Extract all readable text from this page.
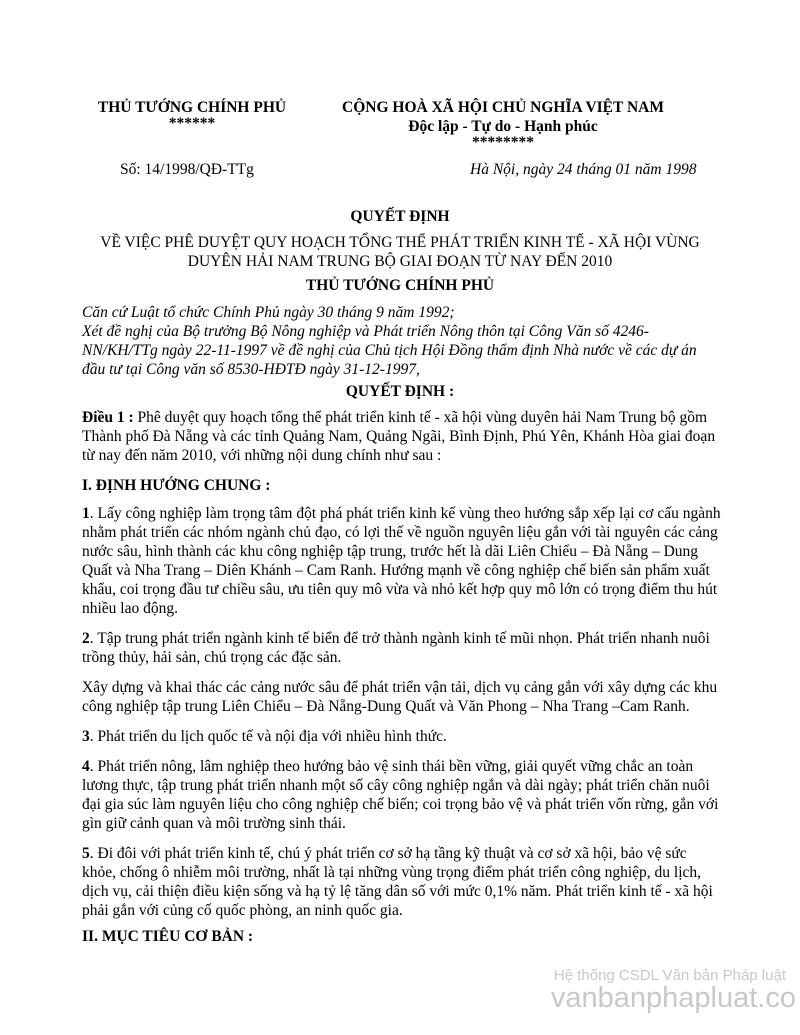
THỦ TƯỚNG CHÍNH PHỦ
******
CỘNG HOÀ XÃ HỘI CHỦ NGHĨA VIỆT NAM
Độc lập - Tự do - Hạnh phúc
********
Số: 14/1998/QĐ-TTg	Hà Nội, ngày 24 tháng 01 năm 1998
QUYẾT ĐỊNH
VỀ VIỆC PHÊ DUYỆT QUY HOẠCH TỔNG THỂ PHÁT TRIỂN KINH TẾ - XÃ HỘI VÙNG
DUYÊN HẢI NAM TRUNG BỘ GIAI ĐOẠN TỪ NAY ĐẾN 2010
THỦ TƯỚNG CHÍNH PHỦ
Căn cứ Luật tổ chức Chính Phủ ngày 30 tháng 9 năm 1992;
Xét đề nghị của Bộ trưởng Bộ Nông nghiệp và Phát triển Nông thôn tại Công Văn số 4246-NN/KH/TTg ngày 22-11-1997 về đề nghị của Chủ tịch Hội Đồng thẩm định Nhà nước về các dự án đầu tư tại Công văn số 8530-HĐTĐ ngày 31-12-1997,
QUYẾT ĐỊNH :

Điều 1 : Phê duyệt quy hoạch tổng thể phát triển kinh tế - xã hội vùng duyên hải Nam Trung bộ gồm Thành phố Đà Nẵng và các tỉnh Quảng Nam, Quảng Ngãi, Bình Định, Phú Yên, Khánh Hòa giai đoạn từ nay đến năm 2010, với những nội dung chính như sau :

I. ĐỊNH HƯỚNG CHUNG :

1. Lấy công nghiệp làm trọng tâm đột phá phát triển kinh kế vùng theo hướng sắp xếp lại cơ cấu ngành nhằm phát triển các nhóm ngành chủ đạo, có lợi thế về nguồn nguyên liệu gắn với tài nguyên các cảng nước sâu, hình thành các khu công nghiệp tập trung, trước hết là dãi Liên Chiểu – Đà Nẵng – Dung Quất và Nha Trang – Diên Khánh – Cam Ranh. Hướng mạnh về công nghiệp chế biến sản phẩm xuất khẩu, coi trọng đầu tư chiều sâu, ưu tiên quy mô vừa và nhỏ kết hợp quy mô lớn có trọng điểm thu hút nhiều lao động.

2. Tập trung phát triển ngành kinh tế biển để trở thành ngành kinh tế mũi nhọn. Phát triển nhanh nuôi trồng thủy, hải sản, chú trọng các đặc sản.

Xây dựng và khai thác các cảng nước sâu để phát triển vận tải, dịch vụ cảng gắn với xây dựng các khu công nghiệp tập trung Liên Chiểu – Đà Nẵng-Dung Quất và Văn Phong – Nha Trang –Cam Ranh.

3. Phát triển du lịch quốc tế và nội địa với nhiều hình thức.

4. Phát triển nông, lâm nghiệp theo hướng bảo vệ sinh thái bền vững, giải quyết vững chắc an toàn lương thực, tập trung phát triển nhanh một số cây công nghiệp ngắn và dài ngày; phát triển chăn nuôi đại gia súc làm nguyên liệu cho công nghiệp chế biến; coi trọng bảo vệ và phát triển vốn rừng, gắn với gìn giữ cảnh quan và môi trường sinh thái.

5. Đi đôi với phát triển kinh tế, chú ý phát triển cơ sở hạ tầng kỹ thuật và cơ sở xã hội, bảo vệ sức khỏe, chống ô nhiễm môi trường, nhất là tại những vùng trọng điểm phát triển công nghiệp, du lịch, dịch vụ, cải thiện điều kiện sống và hạ tỷ lệ tăng dân số với mức 0,1% năm. Phát triển kinh tế - xã hội phải gắn với củng cố quốc phòng, an ninh quốc gia.

II. MỤC TIÊU CƠ BẢN :
Hệ thống CSDL Văn bản Pháp luật
vanbanphapluat.co
